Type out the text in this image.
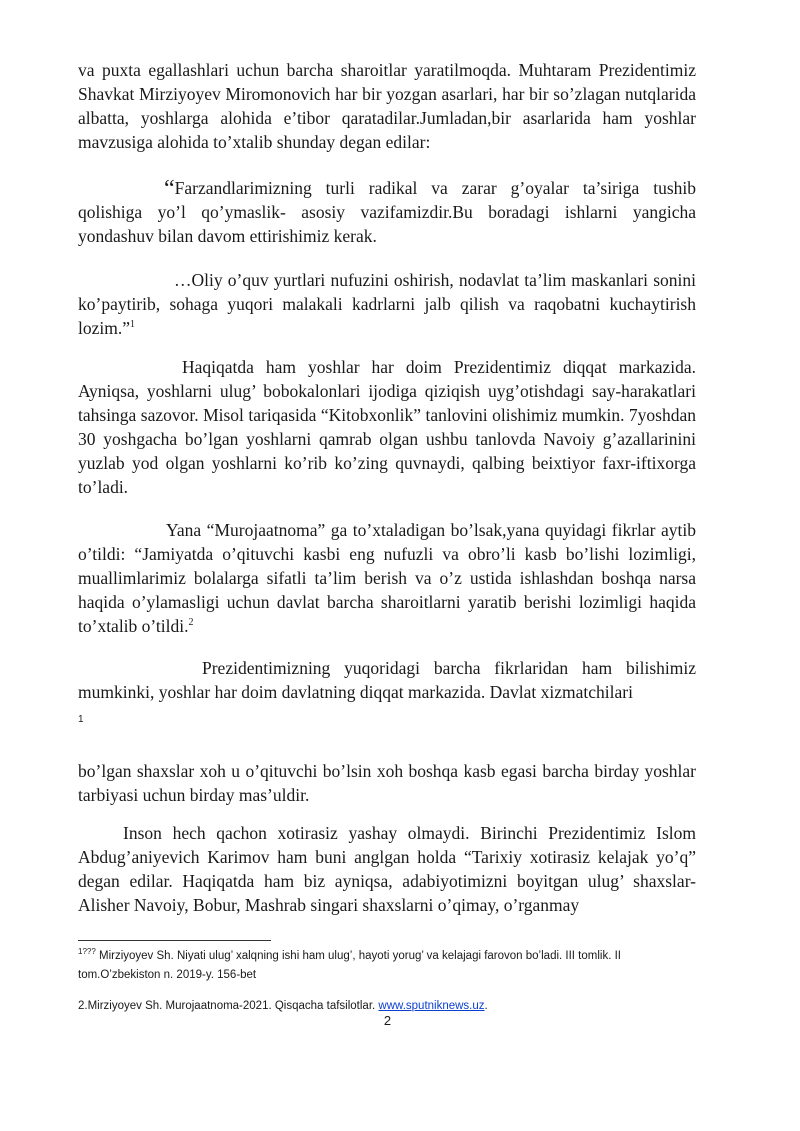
va puxta egallashlari uchun barcha sharoitlar yaratilmoqda. Muhtaram Prezidentimiz Shavkat Mirziyoyev Miromonovich har bir yozgan asarlari, har bir so’zlagan nutqlarida albatta, yoshlarga alohida e’tibor qaratadilar.Jumladan,bir asarlarida ham yoshlar mavzusiga alohida to’xtalib shunday degan edilar:

“Farzandlarimizning turli radikal va zarar g’oyalar ta’siriga tushib qolishiga yo’l qo’ymaslik- asosiy vazifamizdir.Bu boradagi ishlarni yangicha yondashuv bilan davom ettirishimiz kerak.

…Oliy o’quv yurtlari nufuzini oshirish, nodavlat ta’lim maskanlari sonini ko’paytirib, sohaga yuqori malakali kadrlarni jalb qilish va raqobatni kuchaytirish lozim.”$^1$

Haqiqatda ham yoshlar har doim Prezidentimiz diqqat markazida. Ayniqsa, yoshlarni ulug’ bobokalonlari ijodiga qiziqish uyg’otishdagi say-harakatlari tahsinga sazovor. Misol tariqasida “Kitobxonlik” tanlovini olishimiz mumkin. 7yoshdan 30 yoshgacha bo’lgan yoshlarni qamrab olgan ushbu tanlovda Navoiy g’azallarinini yuzlab yod olgan yoshlarni ko’rib ko’zing quvnaydi, qalbing beixtiyor faxr-iftixorga to’ladi.

Yana “Murojaatnoma” ga to’xtaladigan bo’lsak,yana quyidagi fikrlar aytib o’tildi: “Jamiyatda o’qituvchi kasbi eng nufuzli va obro’li kasb bo’lishi lozimligi, muallimlarimiz bolalarga sifatli ta’lim berish va o’z ustida ishlashdan boshqa narsa haqida o’ylamasligi uchun davlat barcha sharoitlarni yaratib berishi lozimligi haqida to’xtalib o’tildi.$^2$

Prezidentimizning yuqoridagi barcha fikrlaridan ham bilishimiz mumkinki, yoshlar har doim davlatning diqqat markazida. Davlat xizmatchilari

1

bo’lgan shaxslar xoh u o’qituvchi bo’lsin xoh boshqa kasb egasi barcha birday yoshlar tarbiyasi uchun birday mas’uldir.

Inson hech qachon xotirasiz yashay olmaydi. Birinchi Prezidentimiz Islom Abdug’aniyevich Karimov ham buni anglgan holda “Tarixiy xotirasiz kelajak yo’q” degan edilar. Haqiqatda ham biz ayniqsa, adabiyotimizni boyitgan ulug’ shaxslar- Alisher Navoiy, Bobur, Mashrab singari shaxslarni o’qimay, o’rganmay

$^{1???}$ Mirziyoyev Sh. Niyati ulug’ xalqning ishi ham ulug’, hayoti yorug’ va kelajagi farovon bo’ladi. III tomlik. II tom.O’zbekiston n. 2019-y. 156-bet

2.Mirziyoyev Sh. Murojaatnoma-2021. Qisqacha tafsilotlar. www.sputniknews.uz.

2
